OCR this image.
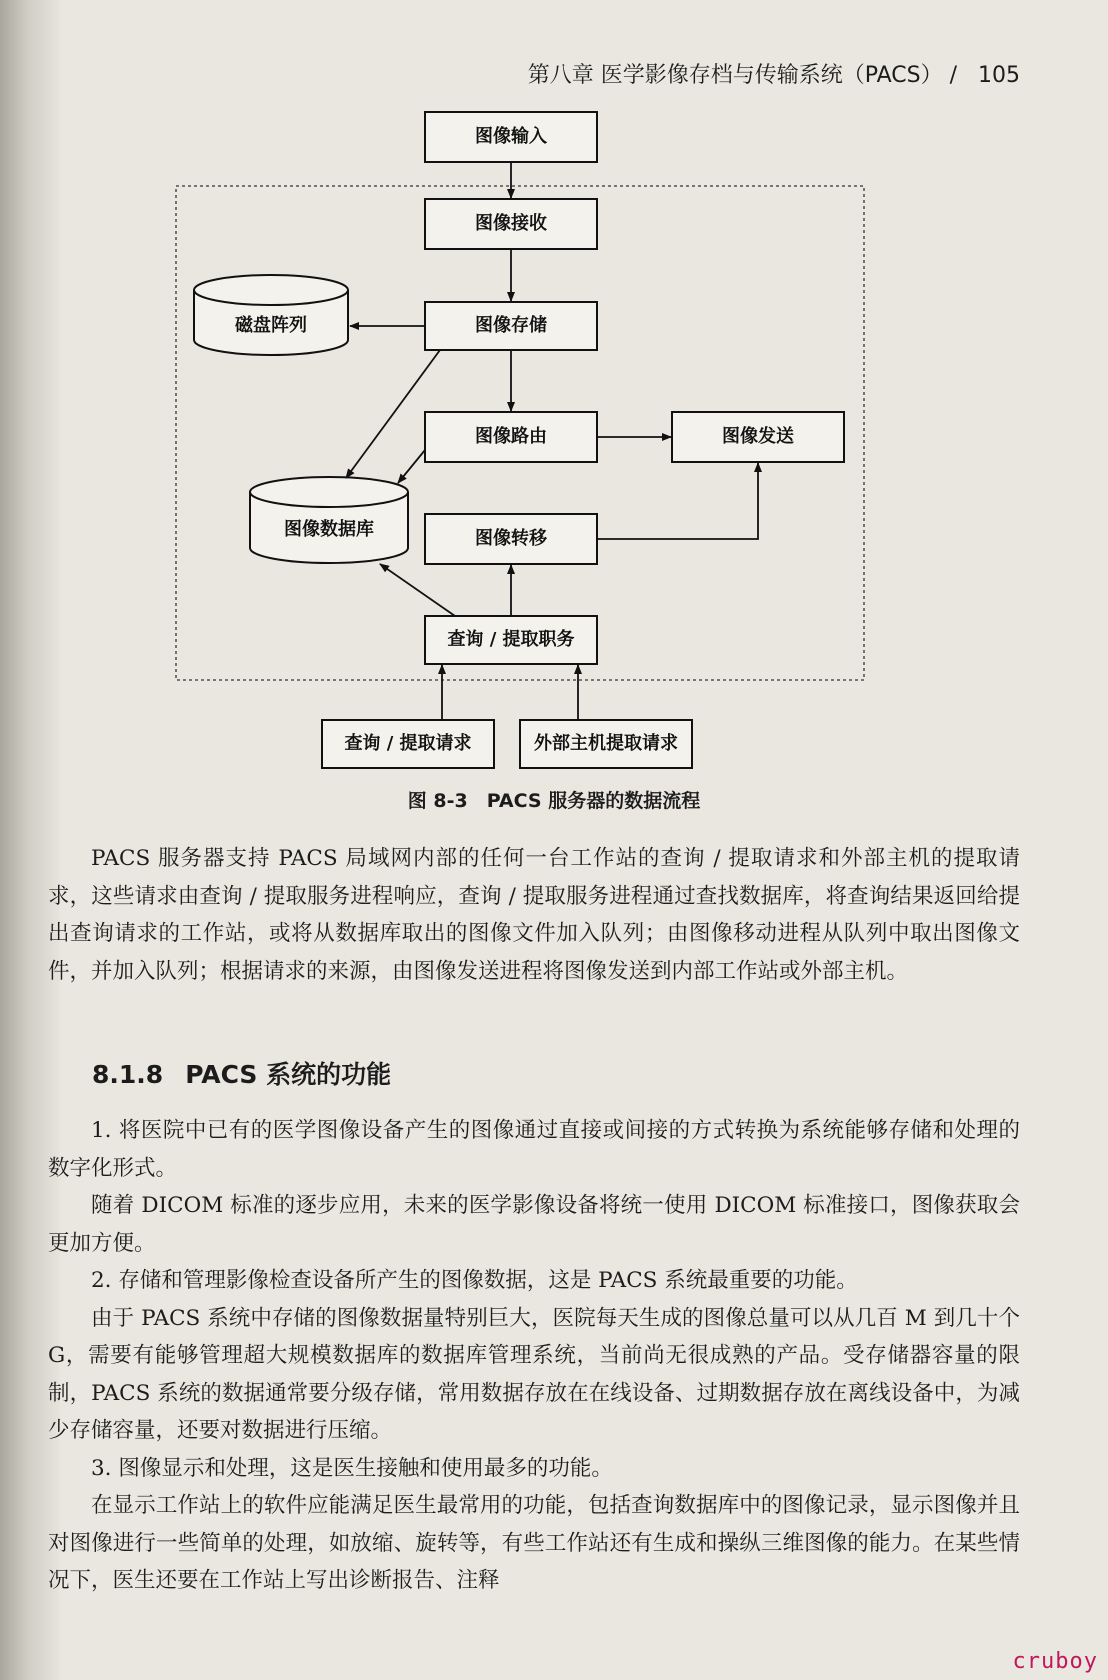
第八章 医学影像存档与传输系统（PACS） / 105
图像输入
图像接收
磁盘阵列	图像存储
图像路由	图像发送
图像数据库	图像转移
查询 / 提取职务
查询 / 提取请求	外部主机提取请求
图 8-3　PACS 服务器的数据流程

PACS 服务器支持 PACS 局域网内部的任何一台工作站的查询 / 提取请求和外部主机的提取请求，这些请求由查询 / 提取服务进程响应，查询 / 提取服务进程通过查找数据库，将查询结果返回给提出查询请求的工作站，或将从数据库取出的图像文件加入队列；由图像移动进程从队列中取出图像文件，并加入队列；根据请求的来源，由图像发送进程将图像发送到内部工作站或外部主机。

8.1.8 PACS 系统的功能

1. 将医院中已有的医学图像设备产生的图像通过直接或间接的方式转换为系统能够存储和处理的数字化形式。

随着 DICOM 标准的逐步应用，未来的医学影像设备将统一使用 DICOM 标准接口，图像获取会更加方便。

2. 存储和管理影像检查设备所产生的图像数据，这是 PACS 系统最重要的功能。

由于 PACS 系统中存储的图像数据量特别巨大，医院每天生成的图像总量可以从几百 M 到几十个 G，需要有能够管理超大规模数据库的数据库管理系统，当前尚无很成熟的产品。受存储器容量的限制，PACS 系统的数据通常要分级存储，常用数据存放在在线设备、过期数据存放在离线设备中，为减少存储容量，还要对数据进行压缩。

3. 图像显示和处理，这是医生接触和使用最多的功能。

在显示工作站上的软件应能满足医生最常用的功能，包括查询数据库中的图像记录，显示图像并且对图像进行一些简单的处理，如放缩、旋转等，有些工作站还有生成和操纵三维图像的能力。在某些情况下，医生还要在工作站上写出诊断报告、注释

cruboy
